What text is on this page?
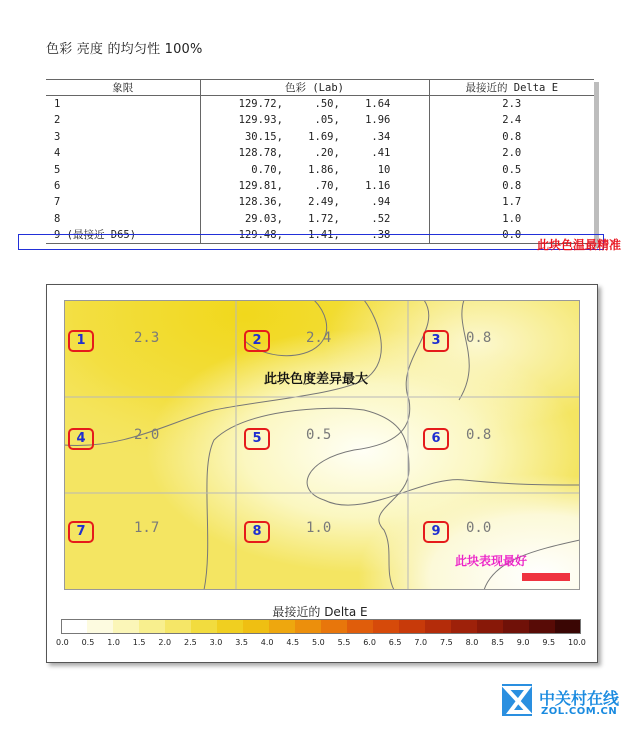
色彩 亮度 的均匀性 100%
象限	色彩 (Lab)	最接近的 Delta E
1	129.72,     .50,    1.64	2.3
2	129.93,     .05,    1.96	2.4
3	30.15,    1.69,     .34	0.8
4	128.78,     .20,     .41	2.0
5	0.70,    1.86,      10	0.5
6	129.81,     .70,    1.16	0.8
7	128.36,    2.49,     .94	1.7
8	29.03,    1.72,     .52	1.0
9 (最接近 D65)	129.48,    1.41,     .38	0.0
此块色温最精准
1	2.3	2	2.4	3	0.8
4	2.0	5	0.5	6	0.8
7	1.7	8	1.0	9	0.0
此块色度差异最大
此块表现最好
最接近的 Delta E
0.0 0.5 1.0 1.5 2.0 2.5 3.0 3.5 4.0 4.5 5.0 5.5 6.0 6.5 7.0 7.5 8.0 8.5 9.0 9.5 10.0
中关村在线
ZOL.COM.CN
